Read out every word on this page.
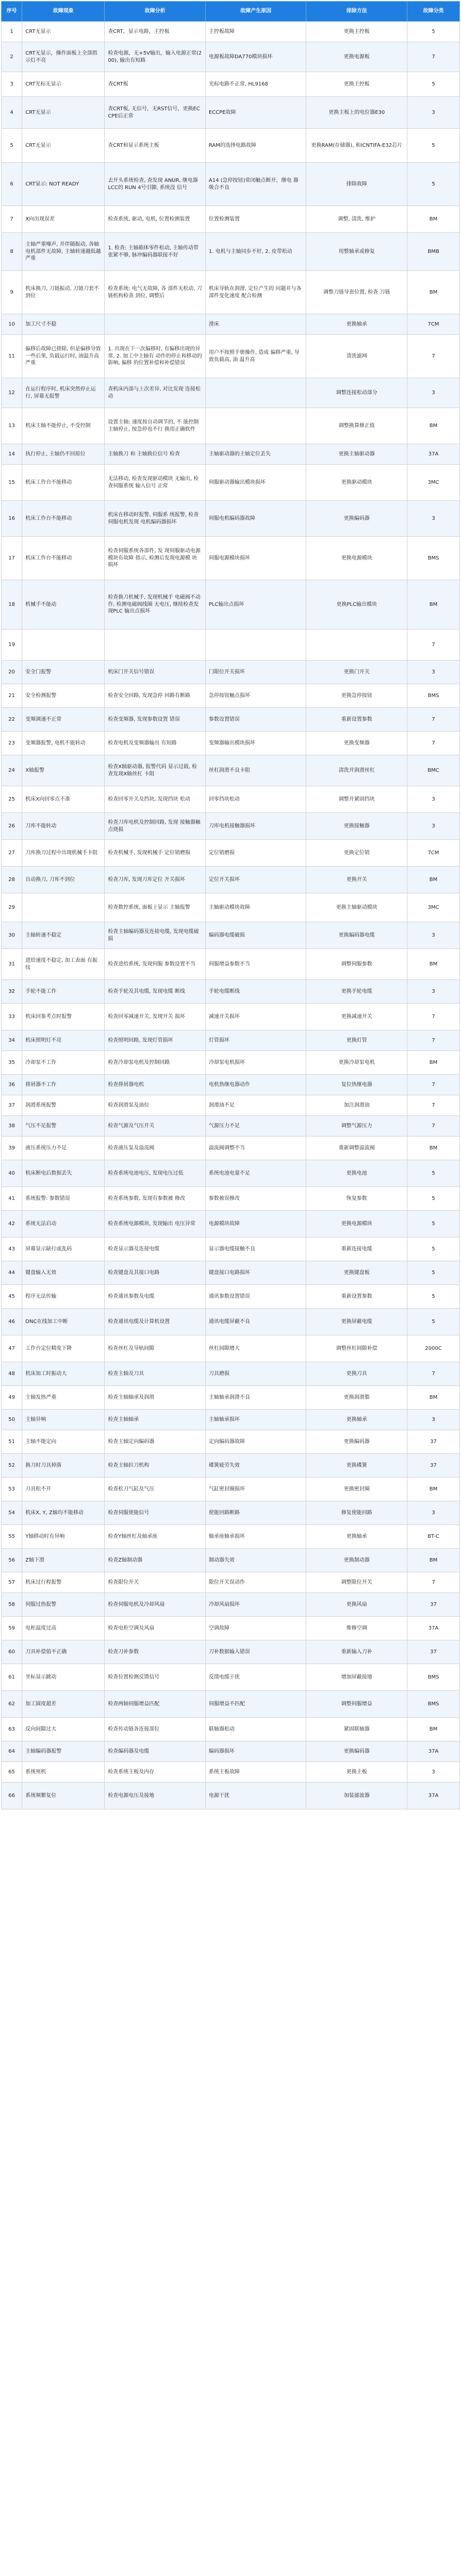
序号	故障现象	故障分析	故障产生原因	排除方法	故障分类
1	CRT无显示	查CRT，显示电路，主控板	主控板故障	更换主控板	5
2	CRT无显示，操作面板上全部指示灯不亮	检查电源，无+5V输出，输入电源正常(200), 输出有短路	电源板故障DA770模块损坏	更换电源板	7
3	CRT光标无显示	查CRT板	光标电路不正常, HL9168	更换主控板	5
4	CRT无显示	查CRT板, 无信号，无RST信号，更换ECCPE后正常	ECCPE故障	更换主板上的电位器E30	3
5	CRT无显示	查CRT和显示系统主板	RAM的选择电路故障	更换RAM(存储器), 和ICNTIFA-E32芯片	5
6	CRT显示: NOT READY	去开头系统检查, 查发现 ANUR, 继电器 LCC的 RUN 4号引脚, 系统没 信号	A14 (急停按钮)常闭触点断开，继电 器吸合不良	排除故障	5
7	X向出现误差	检查系统, 驱动, 电机, 位置检测装置	位置检测装置	调整, 清洗, 维护	BM
8	主轴严重噪声, 并伴随振动, 各轴电机部件无故障, 主轴转速越低越严重	1. 检查: 主轴箱体零件松动, 主轴传动带张紧不够, 脉冲编码器联接不好	1. 电机与主轴同步不好, 2. 皮带松动	用整轴承或修复	BMB
9	机床换刀, 刀链振动, 刀链刀套不到位	检查系统: 电气无故障, 各 部件无松动, 刀链机构检查 到位, 调整后	机床导轨在润滑, 定位产生的 问题并与各部件变化速度 配合检测	调整刀链导套位置, 检查 刀链	BM
10	加工尺寸不稳		滑床	更换轴承	7CM
11	偏移后故障已排除, 但是偏移导致一些后果, 负载运行时, 油温升高严重	1. 出现在下一次偏移时, 有偏移出现的异常, 2. 加工中主轴有 动作的停止和移动的影响, 偏移 的位置补偿和补偿错误	用户不按照手册操作, 造成 偏移严重, 导致负载高, 油 温升高	清洗滤网	7
12	在运行程序时, 机床突然停止运行, 屏幕无报警	查机床内部与上次差异, 对比发现 连接松动		调整连接松动部分	3
13	机床主轴不能停止, 不受控制	设置主轴: 速度按自动调节的, 不 能控制主轴停止, 按急停也不行 换用正确软件		调整换算修正值	BM
14	执行停止, 主轴仍不回原位	主轴换刀 和 主轴换位信号 检查	主轴驱动器的主轴定位丢失	更换主轴驱动器	37A
15	机床工作台不能移动	无法移动, 检查发现驱动模块 无输出, 检查伺服系统 输入信号 正常	伺服驱动器输出模块损坏	更换驱动模块	3MC
16	机床工作台不能移动	机床在移动时报警, 伺服系 统报警, 检查伺服电机发现 电机编码器损坏	伺服电机编码器故障	更换编码器	3
17	机床工作台不能移动	检查伺服系统各部件, 发 现伺服驱动电源模块有故障 指示, 检测后发现电源模 块损坏	伺服电源模块损坏	更换电源模块	BMS
18	机械手不能动	检查换刀机械手, 发现机械手 电磁阀不动作, 检测电磁阀线圈 无电压, 继续检查发现PLC 输出点损坏	PLC输出点损坏	更换PLC输出模块	BM
19					7
20	安全门报警	机床门开关信号错误	门限位开关损坏	更换门开关	3
21	安全检测报警	检查安全回路, 发现急停 回路有断路	急停按钮触点损坏	更换急停按钮	BMS
22	变频调速不正常	检查变频器, 发现参数设置 错误	参数设置错误	重新设置参数	7
23	变频器报警, 电机不能转动	检查电机及变频器输出 有短路	变频器输出模块损坏	更换变频器	7
24	X轴报警	检查X轴驱动器, 报警代码 显示过载, 检查发现X轴丝杠 卡阻	丝杠润滑不良卡阻	清洗并润滑丝杠	BMC
25	机床X向回零点不准	检查回零开关及挡块, 发现挡块 松动	回零挡块松动	调整并紧固挡块	3
26	刀库不能转动	检查刀库电机及控制回路, 发现 接触器触点烧损	刀库电机接触器损坏	更换接触器	3
27	刀库换刀过程中出现机械手卡阻	检查机械手, 发现机械手 定位销磨损	定位销磨损	更换定位销	7CM
28	自动换刀, 刀库不到位	检查刀库, 发现刀库定位 开关损坏	定位开关损坏	更换开关	BM
29		检查数控系统, 面板上显示 主轴报警	主轴驱动模块故障	更换主轴驱动模块	3MC
30	主轴转速不稳定	检查主轴编码器及连接电缆, 发现电缆破损	编码器电缆破损	更换编码器电缆	3
31	进给速度不稳定, 加工表面 有振纹	检查进给系统, 发现伺服 参数设置不当	伺服增益参数不当	调整伺服参数	BM
32	手轮不能工作	检查手轮及其电缆, 发现电缆 断线	手轮电缆断线	更换手轮电缆	3
33	机床回参考点时报警	检查回零减速开关, 发现开关 损坏	减速开关损坏	更换减速开关	7
34	机床照明灯不亮	检查照明回路, 发现灯管损坏	灯管损坏	更换灯管	7
35	冷却泵不工作	检查冷却泵电机及控制回路	冷却泵电机损坏	更换冷却泵电机	BM
36	排屑器不工作	检查排屑器电机	电机热继电器动作	复位热继电器	7
37	润滑系统报警	检查润滑泵及油位	润滑油不足	加注润滑油	7
38	气压不足报警	检查气源及气压开关	气源压力不足	调整气源压力	7
39	液压系统压力不足	检查液压泵及溢流阀	溢流阀调整不当	重新调整溢流阀	BM
40	机床断电后数据丢失	检查系统电池电压, 发现电压过低	系统电池电量不足	更换电池	5
41	系统报警: 参数错误	检查系统参数, 发现有参数被 修改	参数被误修改	恢复参数	5
42	系统无法启动	检查系统电源模块, 发现输出 电压异常	电源模块故障	更换电源模块	5
43	屏幕显示缺行或乱码	检查显示器及连接电缆	显示器电缆接触不良	重新连接电缆	5
44	键盘输入无效	检查键盘及其接口电路	键盘接口电路损坏	更换键盘板	5
45	程序无法传输	检查通讯参数及电缆	通讯参数设置错误	重新设置参数	5
46	DNC在线加工中断	检查通讯电缆及计算机设置	通讯电缆屏蔽不良	更换屏蔽电缆	5
47	工作台定位精度下降	检查丝杠及导轨间隙	丝杠间隙增大	调整丝杠间隙补偿	2000C
48	机床加工时振动大	检查主轴及刀具	刀具磨损	更换刀具	7
49	主轴发热严重	检查主轴轴承及润滑	主轴轴承润滑不良	更换润滑脂	BM
50	主轴异响	检查主轴轴承	主轴轴承损坏	更换轴承	3
51	主轴不能定向	检查主轴定向编码器	定向编码器故障	更换编码器	37
52	换刀时刀具掉落	检查主轴拉刀机构	碟簧疲劳失效	更换碟簧	37
53	刀具松不开	检查松刀气缸及气压	气缸密封圈损坏	更换密封圈	BM
54	机床X, Y, Z轴均不能移动	检查伺服使能信号	使能回路断路	修复使能回路	3
55	Y轴移动时有异响	检查Y轴丝杠及轴承座	轴承座轴承损坏	更换轴承	BT-C
56	Z轴下滑	检查Z轴制动器	制动器失效	更换制动器	BM
57	机床过行程报警	检查限位开关	限位开关误动作	调整限位开关	7
58	伺服过热报警	检查伺服电机及冷却风扇	冷却风扇损坏	更换风扇	37
59	电柜温度过高	检查电柜空调及风扇	空调故障	维修空调	37A
60	刀具补偿值不正确	检查刀补参数	刀补数据输入错误	重新输入刀补	37
61	坐标显示跳动	检查位置检测反馈信号	反馈电缆干扰	增加屏蔽接地	BMS
62	加工圆度超差	检查两轴伺服增益匹配	伺服增益不匹配	调整伺服增益	BMS
63	反向间隙过大	检查传动链各连接部位	联轴器松动	紧固联轴器	BM
64	主轴编码器报警	检查编码器及电缆	编码器损坏	更换编码器	37A
65	系统死机	检查系统主板及内存	系统主板故障	更换主板	3
66	系统频繁复位	检查电源电压及接地	电源干扰	加装滤波器	37A
